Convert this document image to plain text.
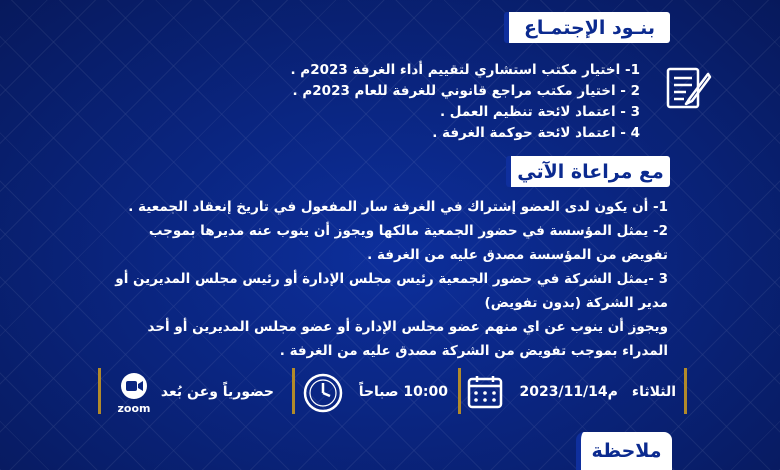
بنـود الإجتمـاع
1- اختيار مكتب استشاري لتقييم أداء الغرفة 2023م .
2 - اختيار مكتب مراجع قانوني للغرفة للعام 2023م .
3 - اعتماد لائحة تنظيم العمل .
4 - اعتماد لائحة حوكمة الغرفة .
مع مراعاة الآتي
1- أن يكون لدى العضو إشتراك في الغرفة سار المفعول في تاريخ إنعقاد الجمعية .
2- يمثل المؤسسة في حضور الجمعية مالكها ويجوز أن ينوب عنه مديرها بموجب تفويض من المؤسسة مصدق عليه من الغرفة .
3 -يمثل الشركة في حضور الجمعية رئيس مجلس الإدارة أو رئيس مجلس المديرين أو مدير الشركة (بدون تفويض)
ويجوز أن ينوب عن اي منهم عضو مجلس الإدارة أو عضو مجلس المديرين أو أحد المدراء بموجب تفويض من الشركة مصدق عليه من الغرفة .
الثلاثاء
2023/11/14م
10:00 صباحاً
حضورياً وعن بُعد
zoom
ملاحظة
